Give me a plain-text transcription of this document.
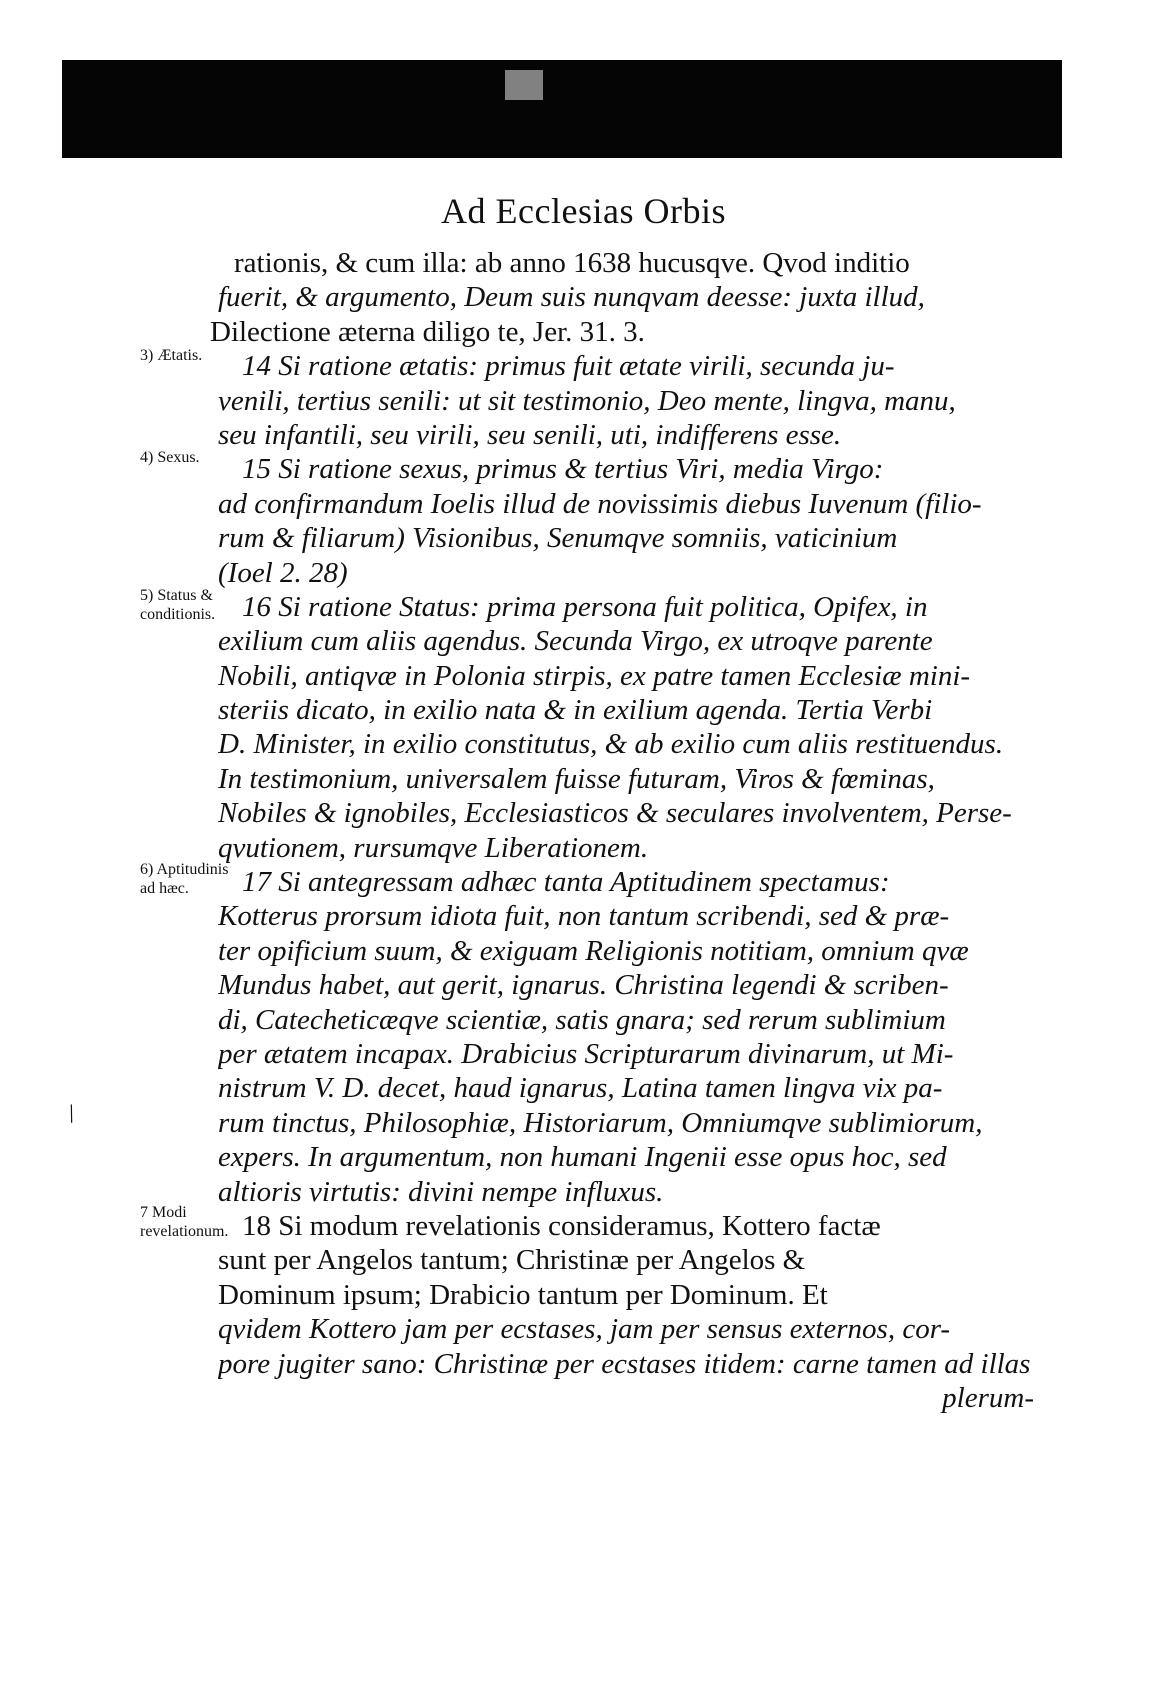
Ad Ecclesias Orbis
3) Ætatis.
4) Sexus.
5) Status & conditionis.
6) Aptitudinis ad hæc.
7 Modi revelationum.
/
rationis, & cum illa: ab anno 1638 hucusqve. Qvod inditio
fuerit, & argumento, Deum suis nunqvam deesse: juxta illud,
Dilectione æterna diligo te, Jer. 31. 3.
14 Si ratione ætatis: primus fuit ætate virili, secunda ju-
venili, tertius senili: ut sit testimonio, Deo mente, lingva, manu,
seu infantili, seu virili, seu senili, uti, indifferens esse.
15 Si ratione sexus, primus & tertius Viri, media Virgo:
ad confirmandum Ioelis illud de novissimis diebus Iuvenum (filio-
rum & filiarum) Visionibus, Senumqve somniis, vaticinium
(Ioel 2. 28)
16 Si ratione Status: prima persona fuit politica, Opifex, in
exilium cum aliis agendus. Secunda Virgo, ex utroqve parente
Nobili, antiqvæ in Polonia stirpis, ex patre tamen Ecclesiæ mini-
steriis dicato, in exilio nata & in exilium agenda. Tertia Verbi
D. Minister, in exilio constitutus, & ab exilio cum aliis restituendus.
In testimonium, universalem fuisse futuram, Viros & fœminas,
Nobiles & ignobiles, Ecclesiasticos & seculares involventem, Perse-
qvutionem, rursumqve Liberationem.
17 Si antegressam adhæc tanta Aptitudinem spectamus:
Kotterus prorsum idiota fuit, non tantum scribendi, sed & præ-
ter opificium suum, & exiguam Religionis notitiam, omnium qvæ
Mundus habet, aut gerit, ignarus. Christina legendi & scriben-
di, Catecheticæqve scientiæ, satis gnara; sed rerum sublimium
per ætatem incapax. Drabicius Scripturarum divinarum, ut Mi-
nistrum V. D. decet, haud ignarus, Latina tamen lingva vix pa-
rum tinctus, Philosophiæ, Historiarum, Omniumqve sublimiorum,
expers. In argumentum, non humani Ingenii esse opus hoc, sed
altioris virtutis: divini nempe influxus.
18 Si modum revelationis consideramus, Kottero factæ
sunt per Angelos tantum; Christinæ per Angelos &
Dominum ipsum; Drabicio tantum per Dominum. Et
qvidem Kottero jam per ecstases, jam per sensus externos, cor-
pore jugiter sano: Christinæ per ecstases itidem: carne tamen ad illas
plerum-
